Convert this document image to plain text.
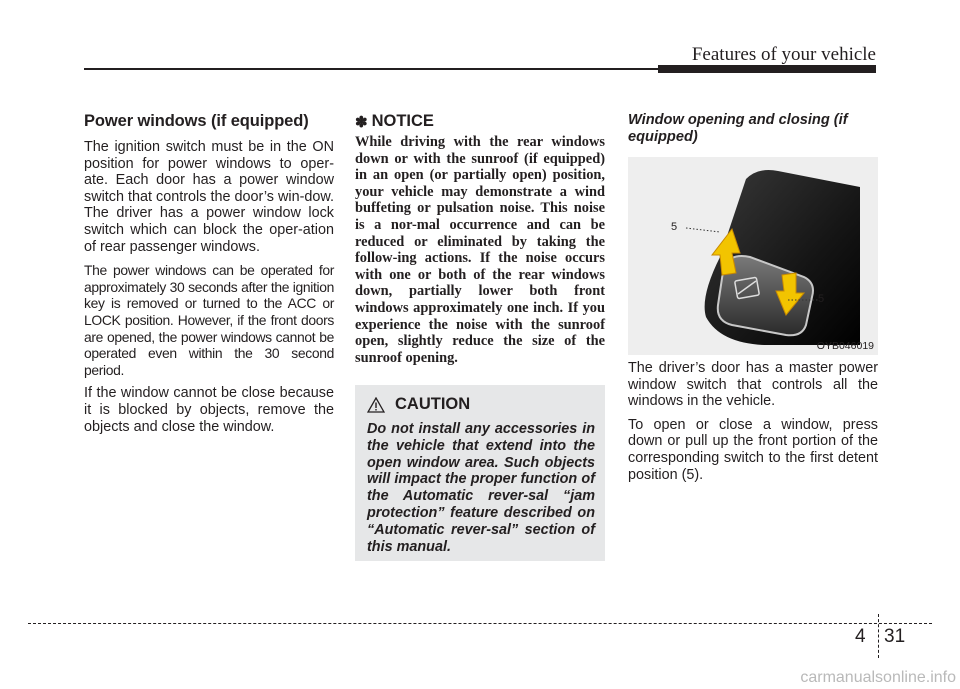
Features of your vehicle
Power windows (if equipped)

The ignition switch must be in the ON position for power windows to oper-ate. Each door has a power window switch that controls the door’s win-dow. The driver has a power window lock switch which can block the oper-ation of rear passenger windows.

The power windows can be operated for approximately 30 seconds after the ignition key is removed or turned to the ACC or LOCK position. However, if the front doors are opened, the power windows cannot be operated even within the 30 second period.

If the window cannot be close because it is blocked by objects, remove the objects and close the window.

✽ NOTICE

While driving with the rear windows down or with the sunroof (if equipped) in an open (or partially open) position, your vehicle may demonstrate a wind buffeting or pulsation noise. This noise is a nor-mal occurrence and can be reduced or eliminated by taking the follow-ing actions. If the noise occurs with one or both of the rear windows down, partially lower both front windows approximately one inch. If you experience the noise with the sunroof open, slightly reduce the size of the sunroof opening.

CAUTION

Do not install any accessories in the vehicle that extend into the open window area. Such objects will impact the proper function of the Automatic rever-sal “jam protection” feature described on “Automatic rever-sal” section of this manual.

Window opening and closing (if equipped)
5
5
OYB046019

The driver’s door has a master power window switch that controls all the windows in the vehicle.

To open or close a window, press down or pull up the front portion of the corresponding switch to the first detent position (5).

4 31
carmanualsonline.info
